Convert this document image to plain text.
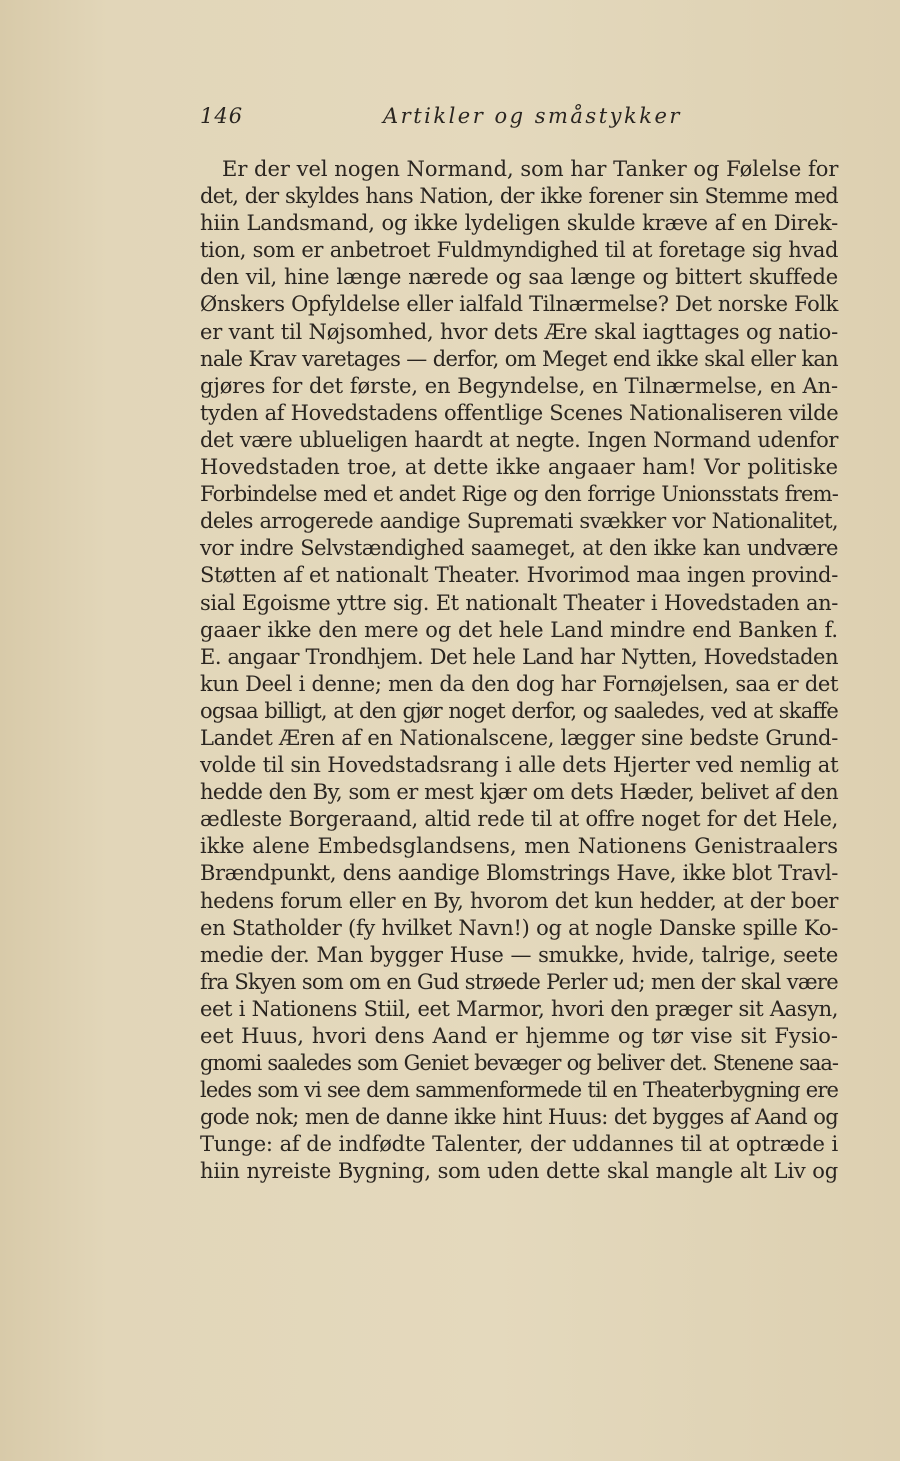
146	Artikler og småstykker
Er der vel nogen Normand, som har Tanker og Følelse for
det, der skyldes hans Nation, der ikke forener sin Stemme med
hiin Landsmand, og ikke lydeligen skulde kræve af en Direk-
tion, som er anbetroet Fuldmyndighed til at foretage sig hvad
den vil, hine længe nærede og saa længe og bittert skuffede
Ønskers Opfyldelse eller ialfald Tilnærmelse? Det norske Folk
er vant til Nøjsomhed, hvor dets Ære skal iagttages og natio-
nale Krav varetages — derfor, om Meget end ikke skal eller kan
gjøres for det første, en Begyndelse, en Tilnærmelse, en An-
tyden af Hovedstadens offentlige Scenes Nationaliseren vilde
det være ublueligen haardt at negte. Ingen Normand udenfor
Hovedstaden troe, at dette ikke angaaer ham! Vor politiske
Forbindelse med et andet Rige og den forrige Unionsstats frem-
deles arrogerede aandige Supremati svækker vor Nationalitet,
vor indre Selvstændighed saameget, at den ikke kan undvære
Støtten af et nationalt Theater. Hvorimod maa ingen provind-
sial Egoisme yttre sig. Et nationalt Theater i Hovedstaden an-
gaaer ikke den mere og det hele Land mindre end Banken f.
E. angaar Trondhjem. Det hele Land har Nytten, Hovedstaden
kun Deel i denne; men da den dog har Fornøjelsen, saa er det
ogsaa billigt, at den gjør noget derfor, og saaledes, ved at skaffe
Landet Æren af en Nationalscene, lægger sine bedste Grund-
volde til sin Hovedstadsrang i alle dets Hjerter ved nemlig at
hedde den By, som er mest kjær om dets Hæder, belivet af den
ædleste Borgeraand, altid rede til at offre noget for det Hele,
ikke alene Embedsglandsens, men Nationens Genistraalers
Brændpunkt, dens aandige Blomstrings Have, ikke blot Travl-
hedens forum eller en By, hvorom det kun hedder, at der boer
en Statholder (fy hvilket Navn!) og at nogle Danske spille Ko-
medie der. Man bygger Huse — smukke, hvide, talrige, seete
fra Skyen som om en Gud strøede Perler ud; men der skal være
eet i Nationens Stiil, eet Marmor, hvori den præger sit Aasyn,
eet Huus, hvori dens Aand er hjemme og tør vise sit Fysio-
gnomi saaledes som Geniet bevæger og beliver det. Stenene saa-
ledes som vi see dem sammenformede til en Theaterbygning ere
gode nok; men de danne ikke hint Huus: det bygges af Aand og
Tunge: af de indfødte Talenter, der uddannes til at optræde i
hiin nyreiste Bygning, som uden dette skal mangle alt Liv og
